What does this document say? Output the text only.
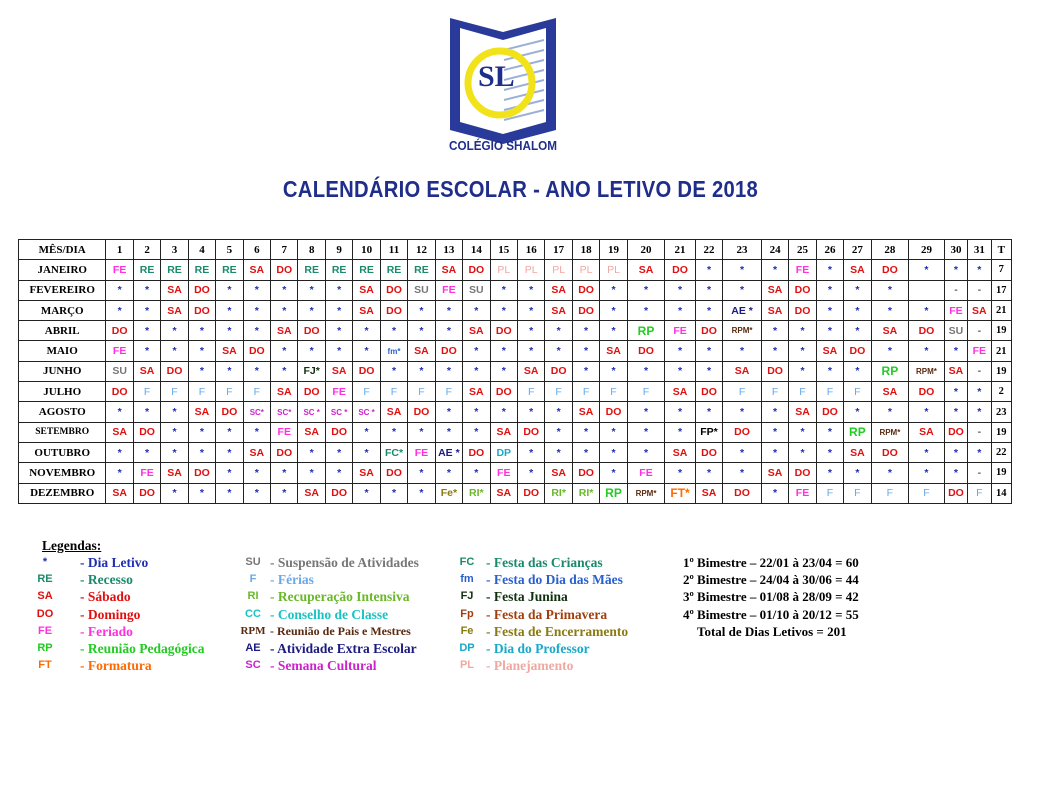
SL
COLÉGIO SHALOM
CALENDÁRIO ESCOLAR - ANO LETIVO DE 2018
MÊS/DIA	1	2	3	4	5	6	7	8	9	10	11	12	13	14	15	16	17	18	19	20	21	22	23	24	25	26	27	28	29	30	31	T
JANEIRO	FE	RE	RE	RE	RE	SA	DO	RE	RE	RE	RE	RE	SA	DO	PL	PL	PL	PL	PL	SA	DO	*	*	*	FE	*	SA	DO	*	*	*	7
FEVEREIRO	*	*	SA	DO	*	*	*	*	*	SA	DO	SU	FE	SU	*	*	SA	DO	*	*	*	*	*	SA	DO	*	*	*		-	-	17
MARÇO	*	*	SA	DO	*	*	*	*	*	SA	DO	*	*	*	*	*	SA	DO	*	*	*	*	AE *	SA	DO	*	*	*	*	FE	SA	21
ABRIL	DO	*	*	*	*	*	SA	DO	*	*	*	*	*	SA	DO	*	*	*	*	RP	FE	DO	RPM*	*	*	*	*	SA	DO	SU	-	19
MAIO	FE	*	*	*	SA	DO	*	*	*	*	fm*	SA	DO	*	*	*	*	*	SA	DO	*	*	*	*	*	SA	DO	*	*	*	FE	21
JUNHO	SU	SA	DO	*	*	*	*	FJ*	SA	DO	*	*	*	*	*	SA	DO	*	*	*	*	*	SA	DO	*	*	*	RP	RPM*	SA	-	19
JULHO	DO	F	F	F	F	F	SA	DO	FE	F	F	F	F	SA	DO	F	F	F	F	F	SA	DO	F	F	F	F	F	SA	DO	*	*	2
AGOSTO	*	*	*	SA	DO	SC*	SC*	SC *	SC *	SC *	SA	DO	*	*	*	*	*	SA	DO	*	*	*	*	*	SA	DO	*	*	*	*	*	23
SETEMBRO	SA	DO	*	*	*	*	FE	SA	DO	*	*	*	*	*	SA	DO	*	*	*	*	*	FP*	DO	*	*	*	RP	RPM*	SA	DO	-	19
OUTUBRO	*	*	*	*	*	SA	DO	*	*	*	FC*	FE	AE *	DO	DP	*	*	*	*	*	SA	DO	*	*	*	*	SA	DO	*	*	*	22
NOVEMBRO	*	FE	SA	DO	*	*	*	*	*	SA	DO	*	*	*	FE	*	SA	DO	*	FE	*	*	*	SA	DO	*	*	*	*	*	-	19
DEZEMBRO	SA	DO	*	*	*	*	*	SA	DO	*	*	*	Fe*	RI*	SA	DO	RI*	RI*	RP	RPM*	FT*	SA	DO	*	FE	F	F	F	F	DO	F	14
Legendas:
*	- Dia Letivo
RE	- Recesso
SA	- Sábado
DO	- Domingo
FE	- Feriado
RP	- Reunião Pedagógica
FT	- Formatura
SU - Suspensão de Atividades
F	- Férias
RI - Recuperação Intensiva
CC - Conselho de Classe
RPM - Reunião de Pais e Mestres
AE - Atividade Extra Escolar
SC - Semana Cultural
FC - Festa das Crianças
fm - Festa do Dia das Mães
FJ - Festa Junina
Fp - Festa da Primavera
Fe - Festa de Encerramento
DP - Dia do Professor
PL - Planejamento
1º Bimestre – 22/01 à 23/04 = 60
2º Bimestre – 24/04 à 30/06 = 44
3º Bimestre – 01/08 à 28/09 = 42
4º Bimestre – 01/10 à 20/12 = 55
Total de Dias Letivos = 201
